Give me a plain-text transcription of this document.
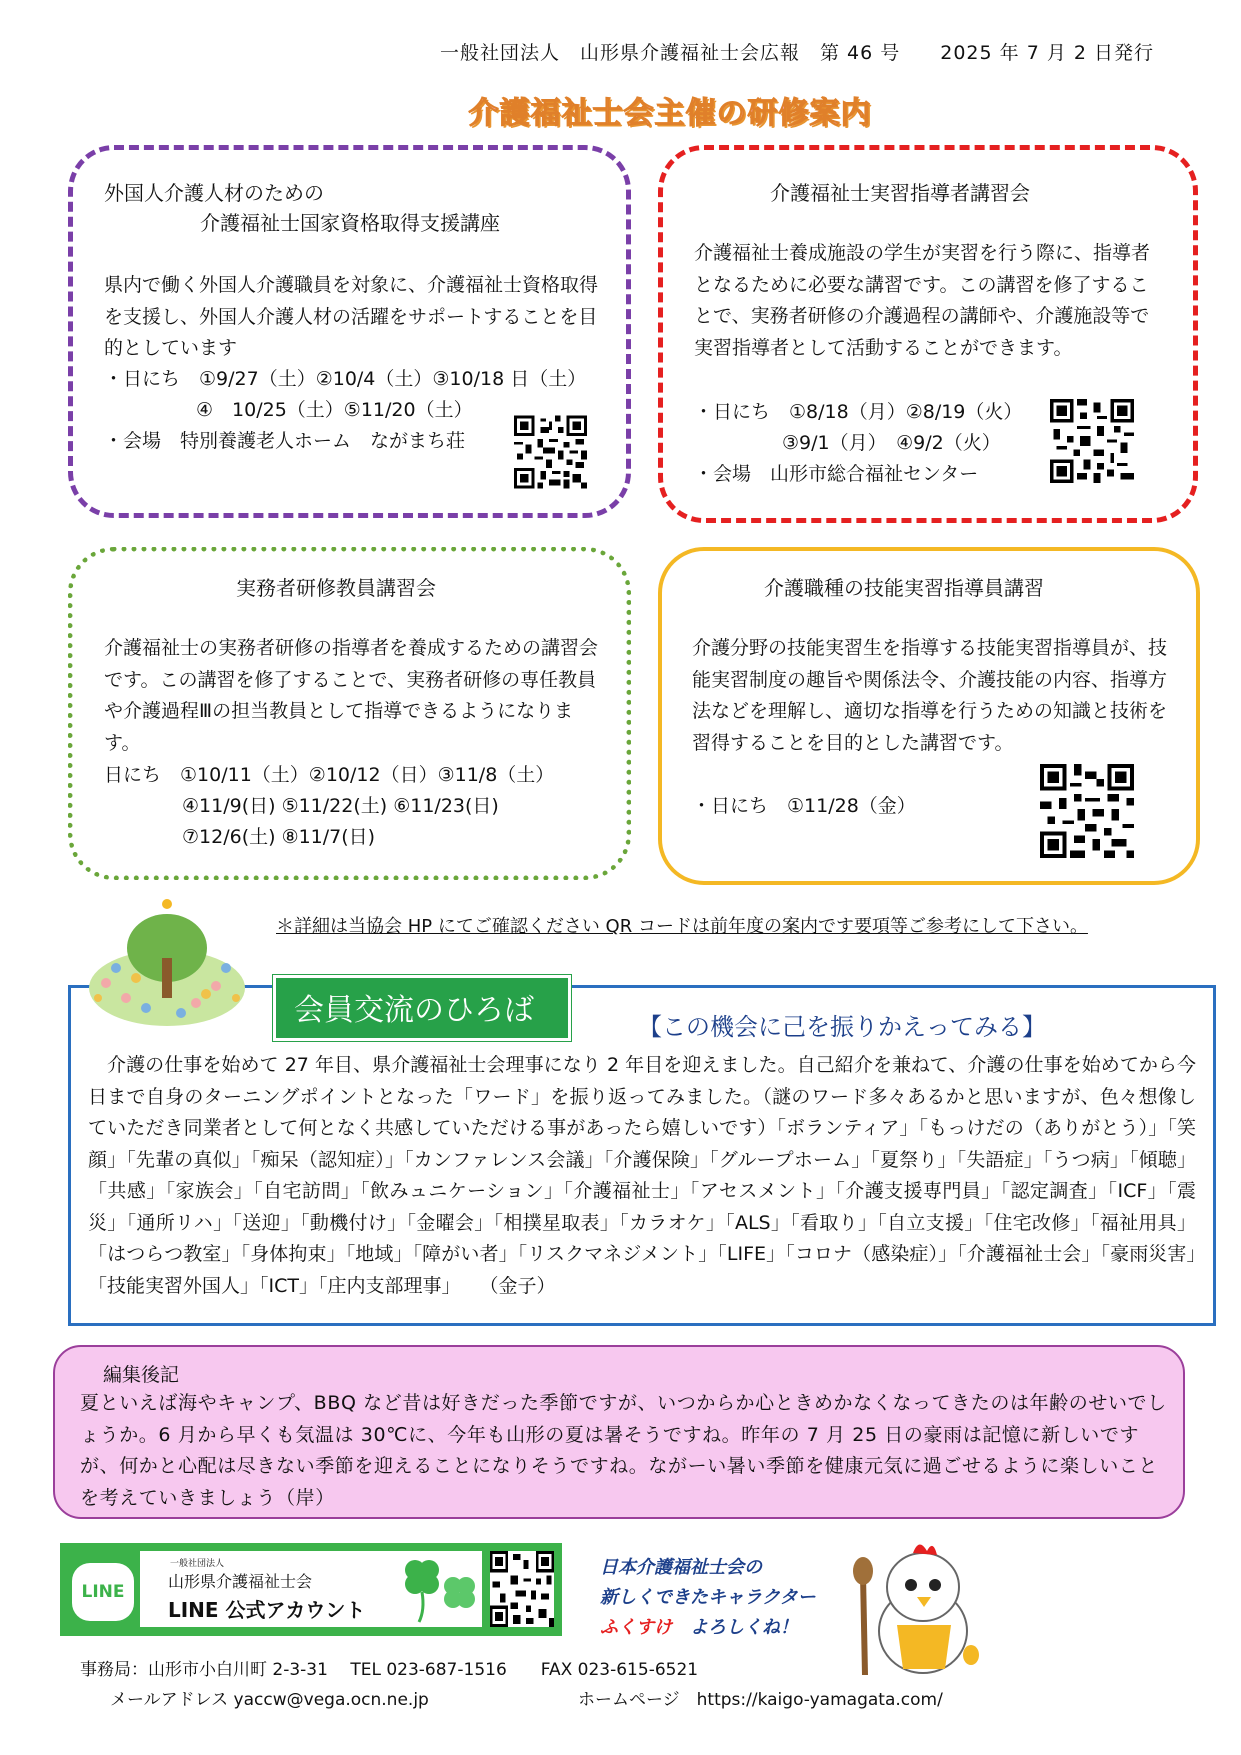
一般社団法人　山形県介護福祉士会広報　第 46 号　　2025 年 7 月 2 日発行
介護福祉士会主催の研修案内
外国人介護人材のための
介護福祉士国家資格取得支援講座
県内で働く外国人介護職員を対象に、介護福祉士資格取得を支援し、外国人介護人材の活躍をサポートすることを目的としています
・日にち　①9/27（土）②10/4（土）③10/18 日（土）
④　10/25（土）⑤11/20（土）
・会場　特別養護老人ホーム　ながまち荘
介護福祉士実習指導者講習会
介護福祉士養成施設の学生が実習を行う際に、指導者となるために必要な講習です。この講習を修了することで、実務者研修の介護過程の講師や、介護施設等で実習指導者として活動することができます。
・日にち　①8/18（月）②8/19（火）
③9/1（月）　④9/2（火）
・会場　山形市総合福祉センター
実務者研修教員講習会
介護福祉士の実務者研修の指導者を養成するための講習会です。この講習を修了することで、実務者研修の専任教員や介護過程Ⅲの担当教員として指導できるようになります。
日にち　①10/11（土）②10/12（日）③11/8（土）
④11/9(日) ⑤11/22(土) ⑥11/23(日)
⑦12/6(土) ⑧11/7(日)
介護職種の技能実習指導員講習
介護分野の技能実習生を指導する技能実習指導員が、技能実習制度の趣旨や関係法令、介護技能の内容、指導方法などを理解し、適切な指導を行うための知識と技術を習得することを目的とした講習です。
・日にち　①11/28（金）
＊詳細は当協会 HP にてご確認ください QR コードは前年度の案内です要項等ご参考にして下さい。
会員交流のひろば	【この機会に己を振りかえってみる】
　介護の仕事を始めて 27 年目、県介護福祉士会理事になり 2 年目を迎えました。自己紹介を兼ねて、介護の仕事を始めてから今日まで自身のターニングポイントとなった「ワード」を振り返ってみました。（謎のワード多々あるかと思いますが、色々想像していただき同業者として何となく共感していただける事があったら嬉しいです）「ボランティア」「もっけだの（ありがとう）」「笑顔」「先輩の真似」「痴呆（認知症）」「カンファレンス会議」「介護保険」「グループホーム」「夏祭り」「失語症」「うつ病」「傾聴」「共感」「家族会」「自宅訪問」「飲みュニケーション」「介護福祉士」「アセスメント」「介護支援専門員」「認定調査」「ICF」「震災」「通所リハ」「送迎」「動機付け」「金曜会」「相撲星取表」「カラオケ」「ALS」「看取り」「自立支援」「住宅改修」「福祉用具」「はつらつ教室」「身体拘束」「地域」「障がい者」「リスクマネジメント」「LIFE」「コロナ（感染症）」「介護福祉士会」「豪雨災害」「技能実習外国人」「ICT」「庄内支部理事」　　（金子）
編集後記
夏といえば海やキャンプ、BBQ など昔は好きだった季節ですが、いつからか心ときめかなくなってきたのは年齢のせいでしょうか。6 月から早くも気温は 30℃に、今年も山形の夏は暑そうですね。昨年の 7 月 25 日の豪雨は記憶に新しいですが、何かと心配は尽きない季節を迎えることになりそうですね。ながーい暑い季節を健康元気に過ごせるように楽しいことを考えていきましょう（岸）
LINE
一般社団法人
山形県介護福祉士会
LINE 公式アカウント
日本介護福祉士会の
新しくできたキャラクター
ふくすけ　 よろしくね！
事務局：山形市小白川町 2-3-31　 TEL 023-687-1516　　FAX 023-615-6521
メールアドレス yaccw@vega.ocn.ne.jp	ホームページ　https://kaigo-yamagata.com/
